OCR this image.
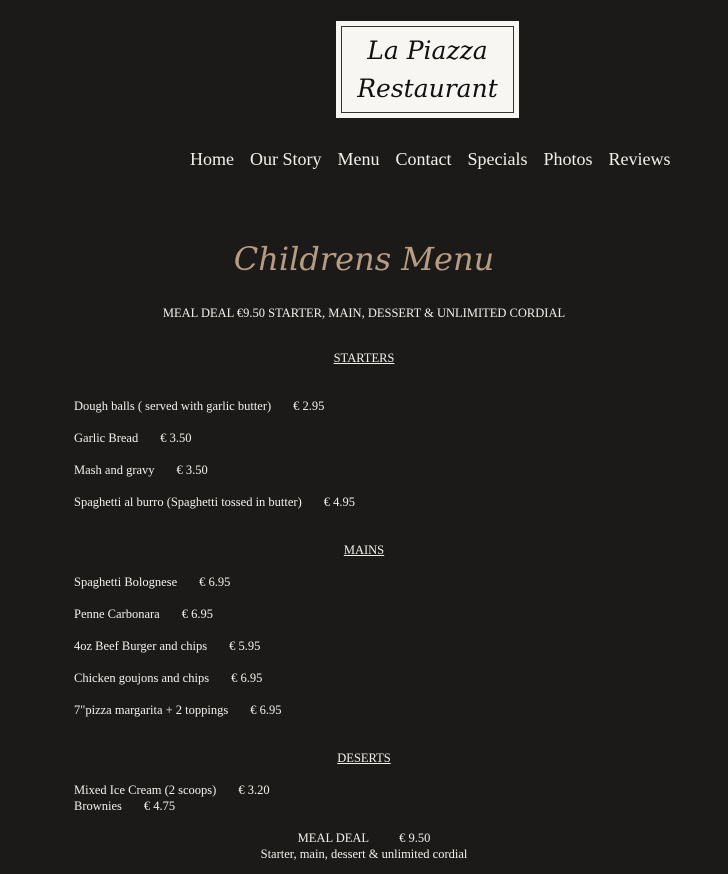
La Piazza
Restaurant
Home Our Story Menu Contact Specials Photos Reviews
Childrens Menu
MEAL DEAL €9.50 STARTER, MAIN, DESSERT & UNLIMITED CORDIAL
STARTERS
Dough balls ( served with garlic butter) € 2.95
Garlic Bread € 3.50
Mash and gravy € 3.50
Spaghetti al burro (Spaghetti tossed in butter) € 4.95
MAINS
Spaghetti Bolognese € 6.95
Penne Carbonara € 6.95
4oz Beef Burger and chips € 5.95
Chicken goujons and chips € 6.95
7"pizza margarita + 2 toppings € 6.95
DESERTS
Mixed Ice Cream (2 scoops) € 3.20
Brownies € 4.75
MEAL DEAL € 9.50
Starter, main, dessert & unlimited cordial
